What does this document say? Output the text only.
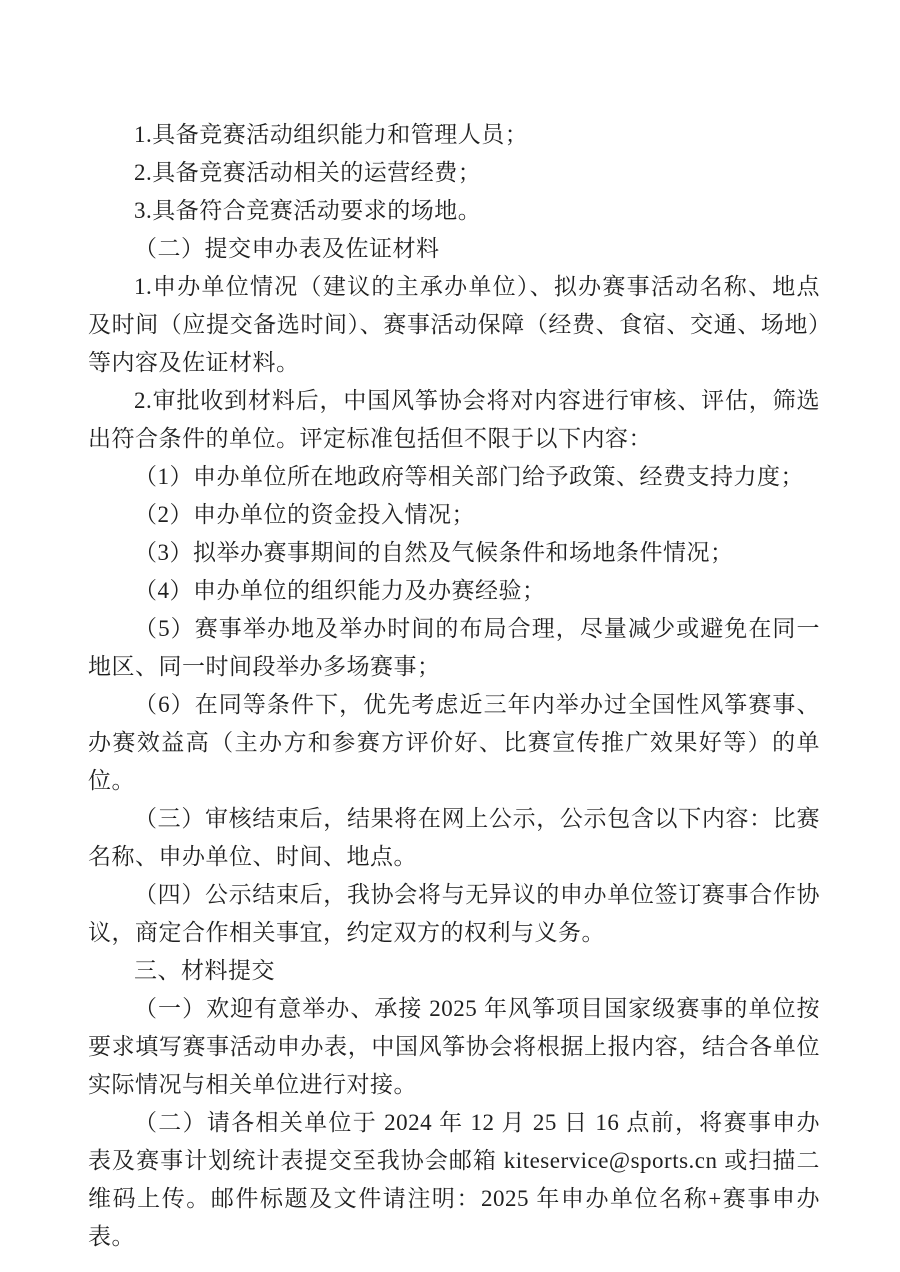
1.具备竞赛活动组织能力和管理人员；

2.具备竞赛活动相关的运营经费；

3.具备符合竞赛活动要求的场地。

（二）提交申办表及佐证材料

1.申办单位情况（建议的主承办单位）、拟办赛事活动名称、地点及时间（应提交备选时间）、赛事活动保障（经费、食宿、交通、场地）等内容及佐证材料。

2.审批收到材料后，中国风筝协会将对内容进行审核、评估，筛选出符合条件的单位。评定标准包括但不限于以下内容：

（1）申办单位所在地政府等相关部门给予政策、经费支持力度；

（2）申办单位的资金投入情况；

（3）拟举办赛事期间的自然及气候条件和场地条件情况；

（4）申办单位的组织能力及办赛经验；

（5）赛事举办地及举办时间的布局合理，尽量减少或避免在同一地区、同一时间段举办多场赛事；

（6）在同等条件下，优先考虑近三年内举办过全国性风筝赛事、办赛效益高（主办方和参赛方评价好、比赛宣传推广效果好等）的单位。

（三）审核结束后，结果将在网上公示，公示包含以下内容：比赛名称、申办单位、时间、地点。

（四）公示结束后，我协会将与无异议的申办单位签订赛事合作协议，商定合作相关事宜，约定双方的权利与义务。

三、材料提交

（一）欢迎有意举办、承接 2025 年风筝项目国家级赛事的单位按要求填写赛事活动申办表，中国风筝协会将根据上报内容，结合各单位实际情况与相关单位进行对接。

（二）请各相关单位于 2024 年 12 月 25 日 16 点前，将赛事申办表及赛事计划统计表提交至我协会邮箱 kiteservice@sports.cn 或扫描二维码上传。邮件标题及文件请注明：2025 年申办单位名称+赛事申办表。
